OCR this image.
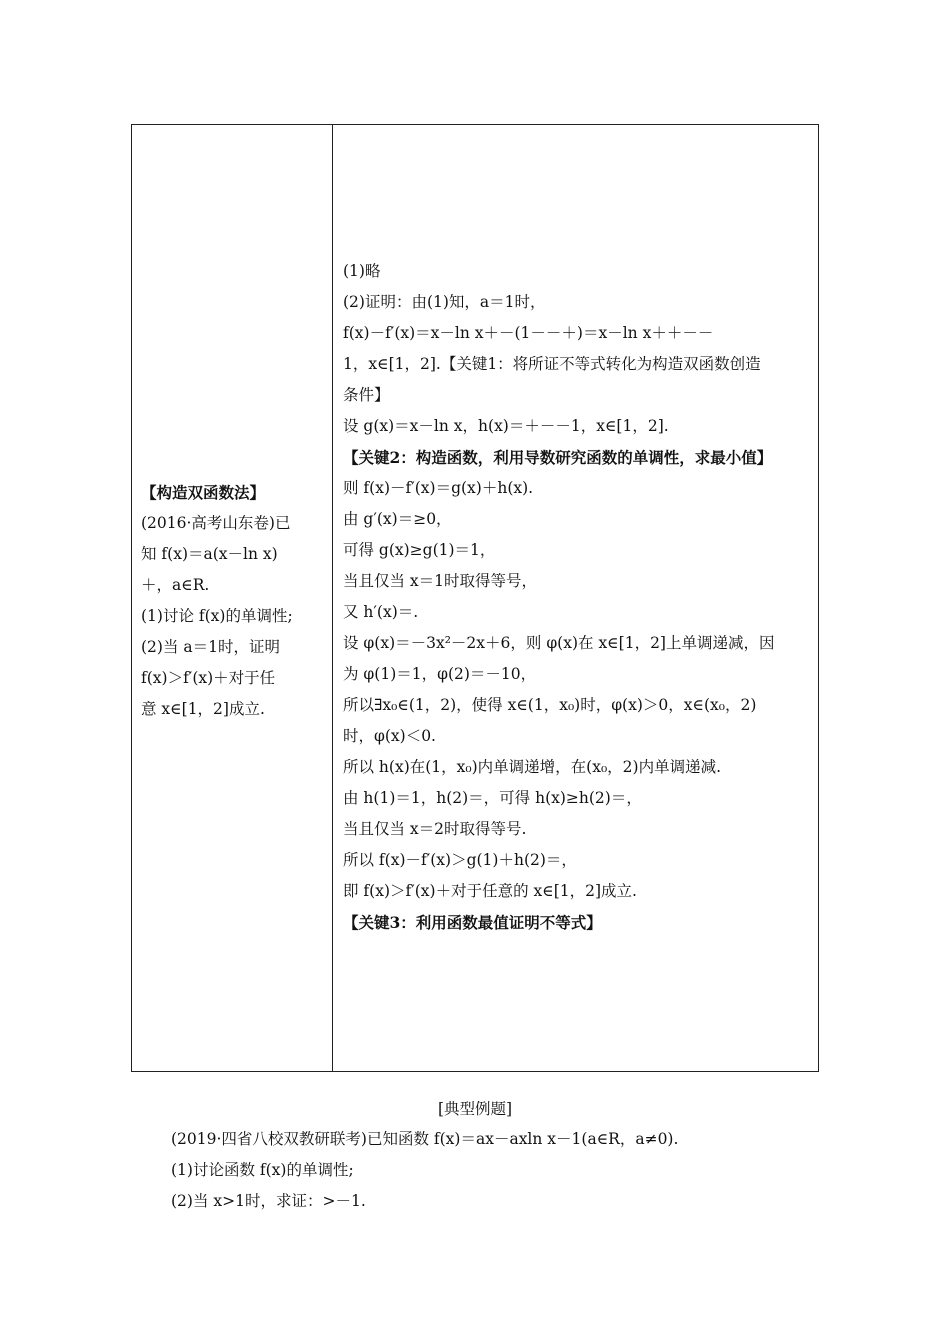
【构造双函数法】
(2016·高考山东卷)已
知 f(x)＝a(x－ln x)
＋，a∈R.
(1)讨论 f(x)的单调性;
(2)当 a＝1时，证明
f(x)＞f′(x)＋对于任
意 x∈[1，2]成立.
(1)略
(2)证明：由(1)知，a＝1时，
f(x)－f′(x)＝x－ln x＋－(1－－＋)＝x－ln x＋＋－－
1，x∈[1，2].【关键1：将所证不等式转化为构造双函数创造
条件】
设 g(x)＝x－ln x，h(x)＝＋－－1，x∈[1，2].
【关键2：构造函数，利用导数研究函数的单调性，求最小值】
则 f(x)－f′(x)＝g(x)＋h(x).
由 g′(x)＝≥0，
可得 g(x)≥g(1)＝1，
当且仅当 x＝1时取得等号，
又 h′(x)＝.
设 φ(x)＝－3x²－2x＋6，则 φ(x)在 x∈[1，2]上单调递减，因
为 φ(1)＝1，φ(2)＝－10，
所以∃x₀∈(1，2)，使得 x∈(1，x₀)时，φ(x)＞0，x∈(x₀，2)
时，φ(x)＜0.
所以 h(x)在(1，x₀)内单调递增，在(x₀，2)内单调递减.
由 h(1)＝1，h(2)＝，可得 h(x)≥h(2)＝，
当且仅当 x＝2时取得等号.
所以 f(x)－f′(x)＞g(1)＋h(2)＝，
即 f(x)＞f′(x)＋对于任意的 x∈[1，2]成立.
【关键3：利用函数最值证明不等式】
[典型例题]
(2019·四省八校双教研联考)已知函数 f(x)＝ax－axln x－1(a∈R，a≠0).
(1)讨论函数 f(x)的单调性;
(2)当 x>1时，求证：>－1.
